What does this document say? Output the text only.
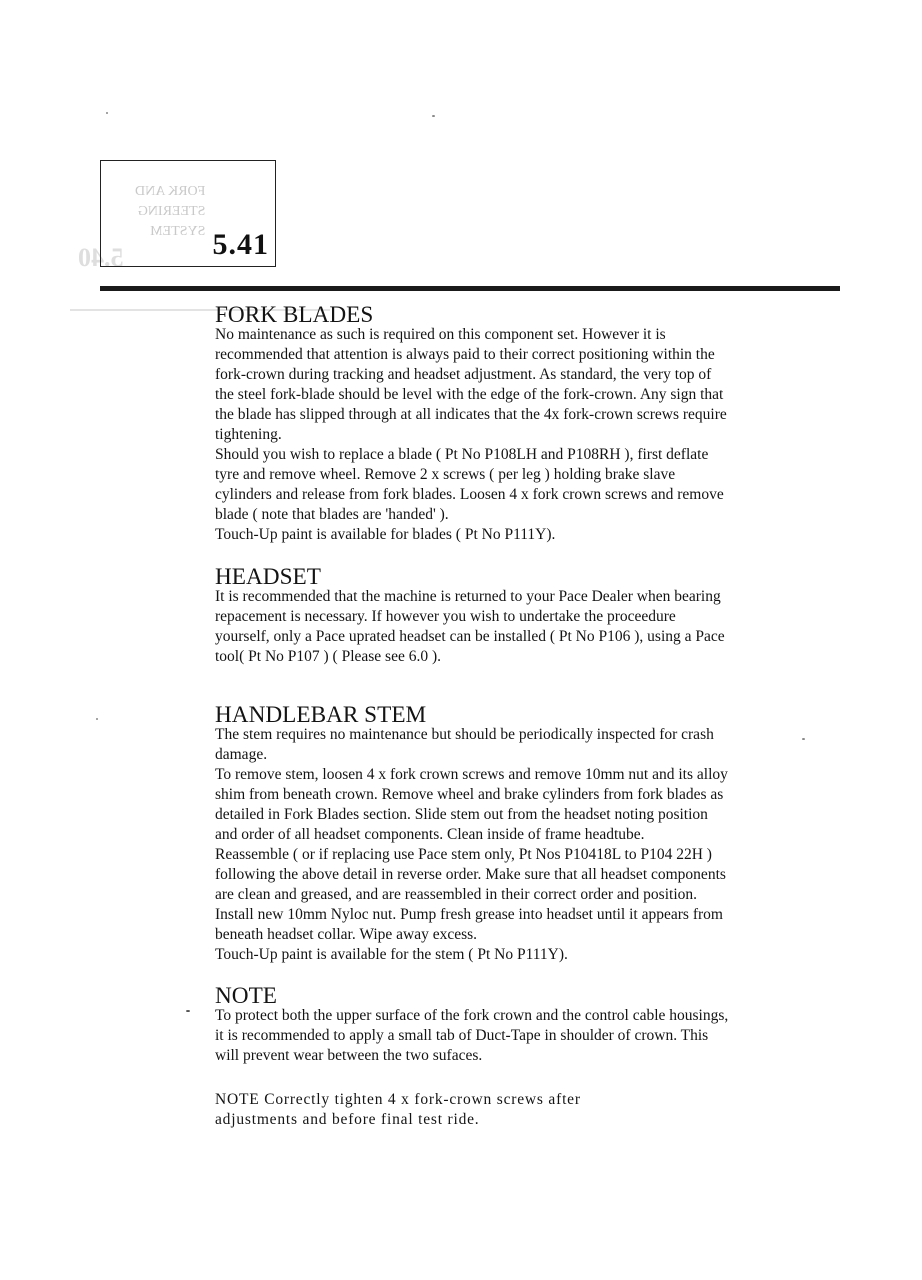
FORK AND
STEERING
SYSTEM
5.40	5.41
FORK BLADES

No maintenance as such is required on this component set. However it is recommended that attention is always paid to their correct positioning within the fork-crown during tracking and headset adjustment. As standard, the very top of the steel fork-blade should be level with the edge of the fork-crown. Any sign that the blade has slipped through at all indicates that the 4x fork-crown screws require tightening.

Should you wish to replace a blade ( Pt No P108LH and P108RH ), first deflate tyre and remove wheel. Remove 2 x screws ( per leg ) holding brake slave cylinders and release from fork blades. Loosen 4 x fork crown screws and remove blade ( note that blades are 'handed' ).

Touch-Up paint is available for blades ( Pt No P111Y).

HEADSET

It is recommended that the machine is returned to your Pace Dealer when bearing repacement is necessary. If however you wish to undertake the proceedure yourself, only a Pace uprated headset can be installed ( Pt No P106 ), using a Pace tool( Pt No P107 ) ( Please see 6.0 ).

HANDLEBAR STEM

The stem requires no maintenance but should be periodically inspected for crash damage.

To remove stem, loosen 4 x fork crown screws and remove 10mm nut and its alloy shim from beneath crown. Remove wheel and brake cylinders from fork blades as detailed in Fork Blades section. Slide stem out from the headset noting position and order of all headset components. Clean inside of frame headtube.

Reassemble ( or if replacing use Pace stem only, Pt Nos P10418L to P104 22H ) following the above detail in reverse order. Make sure that all headset components are clean and greased, and are reassembled in their correct order and position. Install new 10mm Nyloc nut. Pump fresh grease into headset until it appears from beneath headset collar. Wipe away excess.

Touch-Up paint is available for the stem ( Pt No P111Y).

NOTE

To protect both the upper surface of the fork crown and the control cable housings, it is recommended to apply a small tab of Duct-Tape in shoulder of crown. This will prevent wear between the two sufaces.

NOTE Correctly tighten 4 x fork-crown screws after adjustments and before final test ride.
